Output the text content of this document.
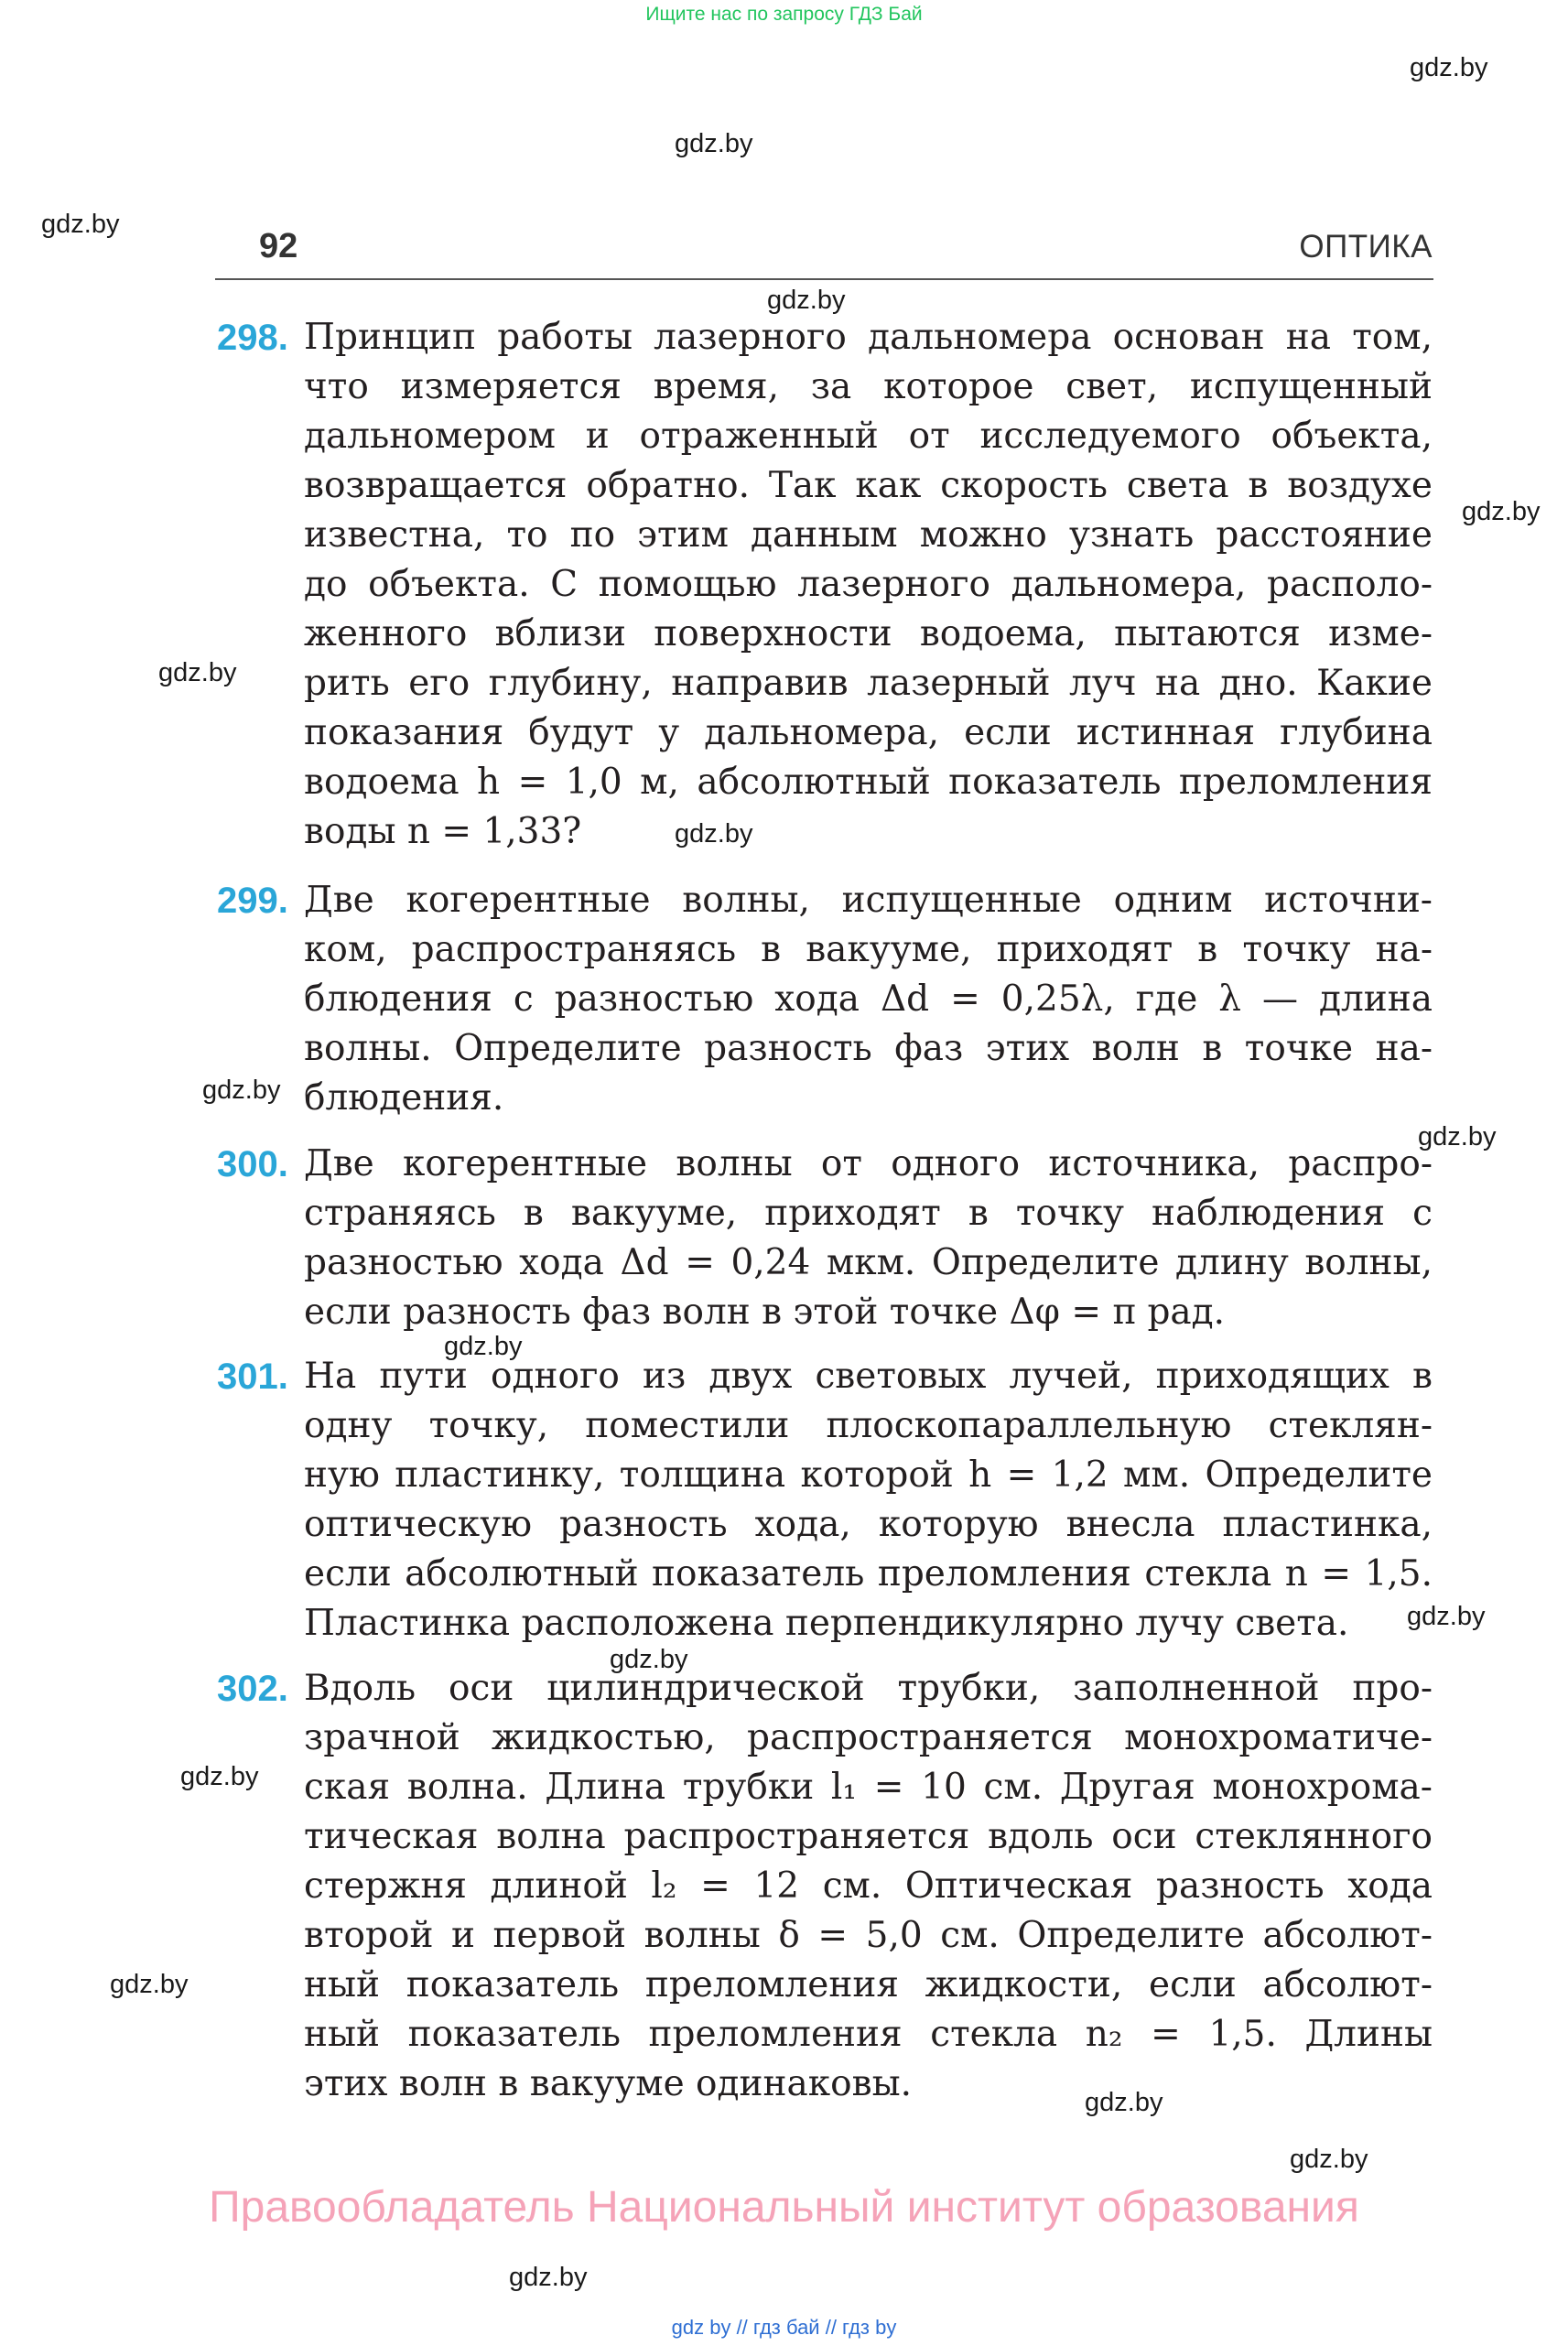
Ищите нас по запросу ГДЗ Бай
gdz.by
gdz.by
gdz.by
gdz.by
gdz.by
gdz.by
gdz.by
gdz.by
gdz.by
gdz.by
gdz.by
gdz.by
gdz.by
gdz.by
gdz.by
gdz.by
gdz.by
92	ОПТИКА
298. Принцип работы лазерного дальномера основан на том,
что измеряется время, за которое свет, испущенный
дальномером и отраженный от исследуемого объекта,
возвращается обратно. Так как скорость света в воздухе
известна, то по этим данным можно узнать расстояние
до объекта. С помощью лазерного дальномера, располо-
женного вблизи поверхности водоема, пытаются изме-
рить его глубину, направив лазерный луч на дно. Какие
показания будут у дальномера, если истинная глубина
водоема h = 1,0 м, абсолютный показатель преломления
воды n = 1,33?
299. Две когерентные волны, испущенные одним источни-
ком, распространяясь в вакууме, приходят в точку на-
блюдения с разностью хода Δd = 0,25λ, где λ — длина
волны. Определите разность фаз этих волн в точке на-
блюдения.
300. Две когерентные волны от одного источника, распро-
страняясь в вакууме, приходят в точку наблюдения с
разностью хода Δd = 0,24 мкм. Определите длину волны,
если разность фаз волн в этой точке Δφ = π рад.
301. На пути одного из двух световых лучей, приходящих в
одну точку, поместили плоскопараллельную стеклян-
ную пластинку, толщина которой h = 1,2 мм. Определите
оптическую разность хода, которую внесла пластинка,
если абсолютный показатель преломления стекла n = 1,5.
Пластинка расположена перпендикулярно лучу света.
302. Вдоль оси цилиндрической трубки, заполненной про-
зрачной жидкостью, распространяется монохроматиче-
ская волна. Длина трубки l₁ = 10 см. Другая монохрома-
тическая волна распространяется вдоль оси стеклянного
стержня длиной l₂ = 12 см. Оптическая разность хода
второй и первой волны δ = 5,0 см. Определите абсолют-
ный показатель преломления жидкости, если абсолют-
ный показатель преломления стекла n₂ = 1,5. Длины
этих волн в вакууме одинаковы.
Правообладатель Национальный институт образования
gdz by // гдз бай // гдз by
